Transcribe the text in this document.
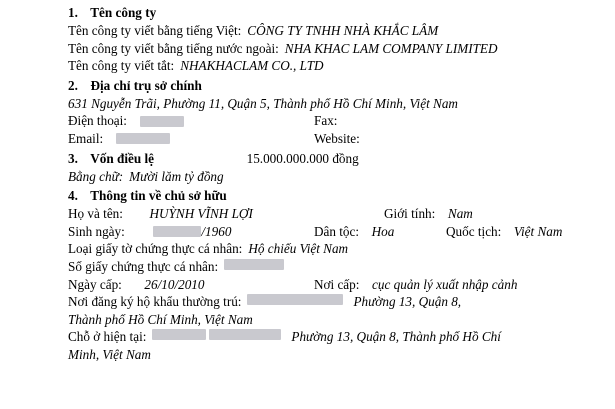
1. Tên công ty
Tên công ty viết bằng tiếng Việt: CÔNG TY TNHH NHÀ KHẮC LÂM
Tên công ty viết bằng tiếng nước ngoài: NHA KHAC LAM COMPANY LIMITED
Tên công ty viết tắt: NHAKHACLAM CO., LTD
2. Địa chỉ trụ sở chính
631 Nguyễn Trãi, Phường 11, Quận 5, Thành phố Hồ Chí Minh, Việt Nam
Điện thoại:	Fax:
Email:	Website:
3. Vốn điều lệ	15.000.000.000 đồng
Bằng chữ: Mười lăm tỷ đồng
4. Thông tin về chủ sở hữu
Họ và tên: HUỲNH VĨNH LỢI	Giới tính: Nam
Sinh ngày:	/1960	Dân tộc: Hoa	Quốc tịch: Việt Nam
Loại giấy tờ chứng thực cá nhân: Hộ chiếu Việt Nam
Số giấy chứng thực cá nhân:
Ngày cấp: 26/10/2010	Nơi cấp: cục quản lý xuất nhập cảnh
Nơi đăng ký hộ khẩu thường trú:	Phường 13, Quận 8,
Thành phố Hồ Chí Minh, Việt Nam
Chỗ ở hiện tại:	Phường 13, Quận 8, Thành phố Hồ Chí
Minh, Việt Nam
